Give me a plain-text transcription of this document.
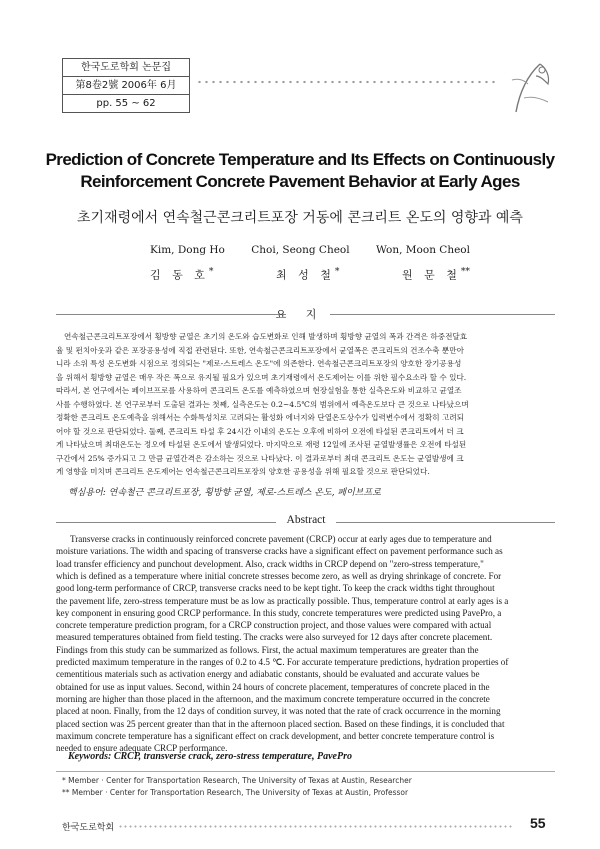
한국도로학회 논문집
第8卷2號 2006年 6月
pp. 55 ~ 62
Prediction of Concrete Temperature and Its Effects on Continuously
Reinforcement Concrete Pavement Behavior at Early Ages
초기재령에서 연속철근콘크리트포장 거동에 콘크리트 온도의 영향과 예측
Kim, Dong Ho	Choi, Seong Cheol	Won, Moon Cheol
김 동 호*	최 성 철*	원 문 철**
요 지

연속철근콘크리트포장에서 횡방향 균열은 초기의 온도와 습도변화로 인해 발생하며 횡방향 균열의 폭과 간격은 하중전달효

율 및 펀치아웃과 같은 포장공용성에 직접 관련된다. 또한, 연속철근콘크리트포장에서 균열폭은 콘크리트의 건조수축 뿐만아

니라 소위 특성 온도변화 시점으로 정의되는 "제로-스트레스 온도"에 의존한다. 연속철근콘크리트포장의 양호한 장기공용성

을 위해서 횡방향 균열은 매우 작은 폭으로 유지될 필요가 있으며 초기재령에서 온도제어는 이를 위한 필수요소라 할 수 있다.

따라서, 본 연구에서는 페이브프로를 사용하여 콘크리트 온도를 예측하였으며 현장실험을 통한 실측온도와 비교하고 균열조

사를 수행하였다. 본 연구로부터 도출된 결과는 첫째, 실측온도는 0.2~4.5℃의 범위에서 예측온도보다 큰 것으로 나타났으며

정확한 콘크리트 온도예측을 위해서는 수화특성치로 고려되는 활성화 에너지와 단열온도상수가 입력변수에서 정확히 고려되

어야 할 것으로 판단되었다. 둘째, 콘크리트 타설 후 24시간 이내의 온도는 오후에 비하여 오전에 타설된 콘크리트에서 더 크

게 나타났으며 최대온도는 정오에 타설된 온도에서 발생되었다. 마지막으로 재령 12일에 조사된 균열발생률은 오전에 타설된

구간에서 25% 증가되고 그 만큼 균열간격은 감소하는 것으로 나타났다. 이 결과로부터 최대 콘크리트 온도는 균열발생에 크

게 영향을 미치며 콘크리트 온도제어는 연속철근콘크리트포장의 양호한 공용성을 위해 필요할 것으로 판단되었다.

핵심용어: 연속철근 콘크리트포장, 횡방향 균열, 제로-스트레스 온도, 페이브프로
Abstract

Transverse cracks in continuously reinforced concrete pavement (CRCP) occur at early ages due to temperature and

moisture variations. The width and spacing of transverse cracks have a significant effect on pavement performance such as

load transfer efficiency and punchout development. Also, crack widths in CRCP depend on "zero-stress temperature,"

which is defined as a temperature where initial concrete stresses become zero, as well as drying shrinkage of concrete. For

good long-term performance of CRCP, transverse cracks need to be kept tight. To keep the crack widths tight throughout

the pavement life, zero-stress temperature must be as low as practically possible. Thus, temperature control at early ages is a

key component in ensuring good CRCP performance. In this study, concrete temperatures were predicted using PavePro, a

concrete temperature prediction program, for a CRCP construction project, and those values were compared with actual

measured temperatures obtained from field testing. The cracks were also surveyed for 12 days after concrete placement.

Findings from this study can be summarized as follows. First, the actual maximum temperatures are greater than the

predicted maximum temperature in the ranges of 0.2 to 4.5 ℃. For accurate temperature predictions, hydration properties of

cementitious materials such as activation energy and adiabatic constants, should be evaluated and accurate values be

obtained for use as input values. Second, within 24 hours of concrete placement, temperatures of concrete placed in the

morning are higher than those placed in the afternoon, and the maximum concrete temperature occurred in the concrete

placed at noon. Finally, from the 12 days of condition survey, it was noted that the rate of crack occurrence in the morning

placed section was 25 percent greater than that in the afternoon placed section. Based on these findings, it is concluded that

maximum concrete temperature has a significant effect on crack development, and better concrete temperature control is

needed to ensure adequate CRCP performance.

Keywords: CRCP, transverse crack, zero-stress temperature, PavePro
* Member · Center for Transportation Research, The University of Texas at Austin, Researcher
** Member · Center for Transportation Research, The University of Texas at Austin, Professor
한국도로학회	55
